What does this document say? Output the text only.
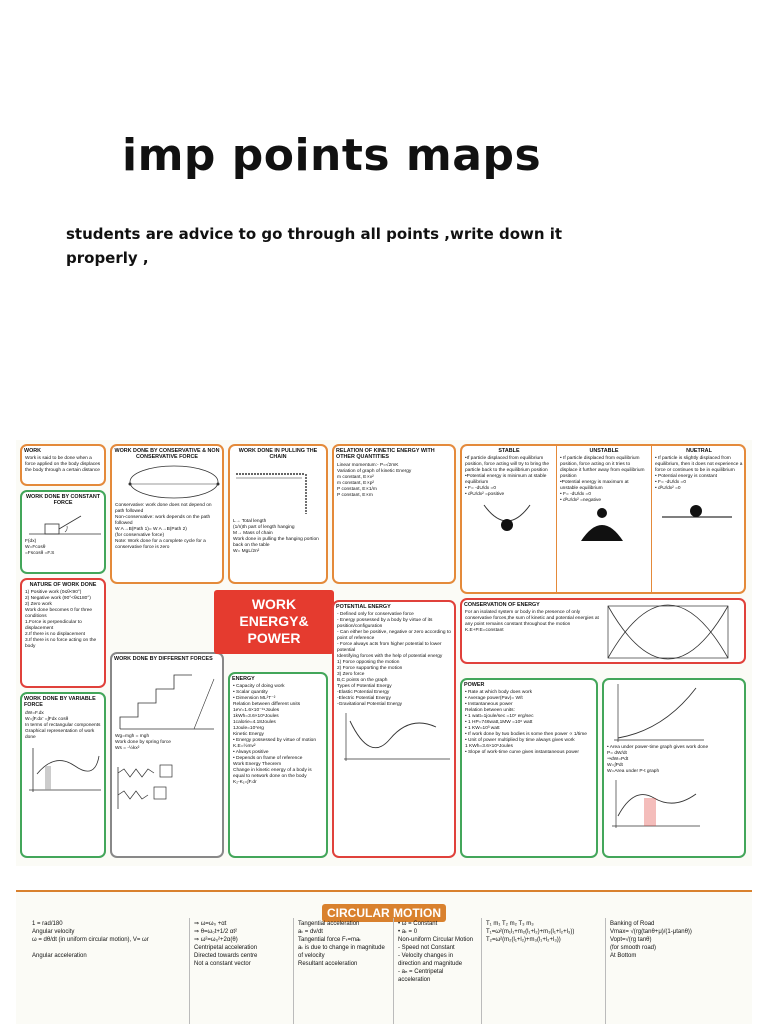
imp points maps
students are advice to go through all points ,write down it properly ,
WORK
Work is said to be done when a force applied on the body displaces the body through a certain distance
WORK DONE BY CONSTANT FORCE
F(dx)
W=Fcosθ
=Fscosθ =F.S
NATURE OF WORK DONE
1) Positive work (0≤θ<90°)
2) Negative work (90°<θ≤180°)
2) Zero work
Work done becomes 0 for three conditions
1.Force is perpendicular to displacement
2.If there is no displacement
3.If there is no force acting on the body
WORK DONE BY VARIABLE FORCE
dW=F.dx
W=∫F.dx' =∫Fdx cosθ
In terms of rectangular components
Graphical representation of work done
WORK DONE BY CONSERVATIVE & NON CONSERVATIVE FORCE
Conservative: work done does not depend on path followed
Non-conservative: work depends on the path followed
W A→B(Path 1)= W A→B(Path 2)
(for conservative force)
Note: Work done for a complete cycle for a conservative force is zero
WORK DONE BY DIFFERENT FORCES
Wg=mgh = mgh
Work done by spring force
Ws = -½kx²
WORK DONE IN PULLING THE CHAIN
L→ Total length
(1/n)th part of length hanging
M→ Mass of chain
Work done in pulling the hanging portion back on the table
W= MgL/2n²
WORK
ENERGY&
POWER
ENERGY
• Capacity of doing work
• Scalar quantity
• Dimension ML²T⁻²
Relation between different units
1eV=1.6×10⁻¹⁹Joules
1kWh=3.6×10⁶Joules
1calorie=4.18Joules
1Joule=10⁷erg
Kinetic Energy
• Energy possessed by virtue of motion
K.E=½mv²
• Always positive
• Depends on frame of reference
Work Energy Theorem
Change in kinetic energy of a body is equal to network done on the body
K₂-K₁=∫F.dr
RELATION OF KINETIC ENERGY WITH OTHER QUANTITIES
Linear momentum:- P=√2mK
Variation of graph of kinetic Energy
m constant, E∝v²
m constant, E∝p²
P constant, E∝1/m
P constant, E∝m
POTENTIAL ENERGY
- Defined only for conservative force
- Energy possessed by a body by virtue of its position/configuration
- Can either be positive, negative or zero according to point of reference
- Force always acts from higher potential to lower potential
Identifying forces with the help of potential energy
1) Force opposing the motion
2) Force supporting the motion
3) Zero force
B,C points on the graph
Types of Potential Energy
-Elastic Potential Energy
-Electric Potential Energy
-Gravitational Potential Energy
STABLE
•If particle displaced from equilibrium position, force acting will try to bring the particle back to the equilibrium position
•Potential energy is minimum at stable equilibrium
• F= -dU/dx =0
• d²U/dx² =positive
UNSTABLE
• If particle displaced from equilibrium position, force acting on it tries to displace it further away from equilibrium position
•Potential energy is maximum at unstable equilibrium
• F= -dU/dx =0
• d²U/dx² =negative
NUETRAL
• If particle is slightly displaced from equilibrium, then it does not experience a force or continues to be in equilibrium
• Potential energy is constant
• F= -dU/dx =0
• d²U/dx² =0
CONSERVATION OF ENERGY
For an isolated system or body in the presence of only conservative forces,the sum of kinetic and potential energies at any point remains constant throughout the motion
K.E+P.E=constant
POWER
• Rate at which body does work
• Average power(Pav)= W/t
• Instantaneous power
Relation between units:
• 1 watt=1joule/sec =10⁷ erg/sec
• 1 HP=746watt,1MW =10⁶ watt
• 1 KW=10³ watt
• If work done by two bodies is some then power ∝ 1/time
• Unit of power multiplied by time always gives work
1 KWh=3.6×10⁶Joules
• Slope of work-time curve gives instantaneous power
• Area under power-time graph gives work done
P= dW/dt
⇒dW=Pdt
W=∫Pdt
W=Area under P-t graph
CIRCULAR MOTION
1 = rad/180
Angular velocity
ω = dθ/dt (in uniform circular motion), V= ωr

Angular acceleration
⇒ ω=ω₀ +αt
⇒ θ=ω₀t+1/2 αt²
⇒ ω²=ω₀²+2α(θ)
Centripetal acceleration
Directed towards centre
Not a constant vector
Tangential acceleration
aₜ = dv/dt
Tangential force Fₜ=maₜ
aₜ is due to change in magnitude of velocity
Resultant acceleration
• ω = Constant
• aₜ = 0
Non-uniform Circular Motion
- Speed not Constant
- Velocity changes in direction and magnitude
- aₙ = Centripetal acceleration
T₁ m₁ T₂ m₂ T₃ m₃
T₁=ω²(m₁l₁+m₂(l₁+l₂)+m₃(l₁+l₂+l₃))
T₂=ω²(m₂(l₁+l₂)+m₃(l₁+l₂+l₃))
Banking of Road
Vmax= √(rg(tanθ+μ)/(1-μtanθ))
Vopt=√(rg tanθ)
(for smooth road)
At Bottom
